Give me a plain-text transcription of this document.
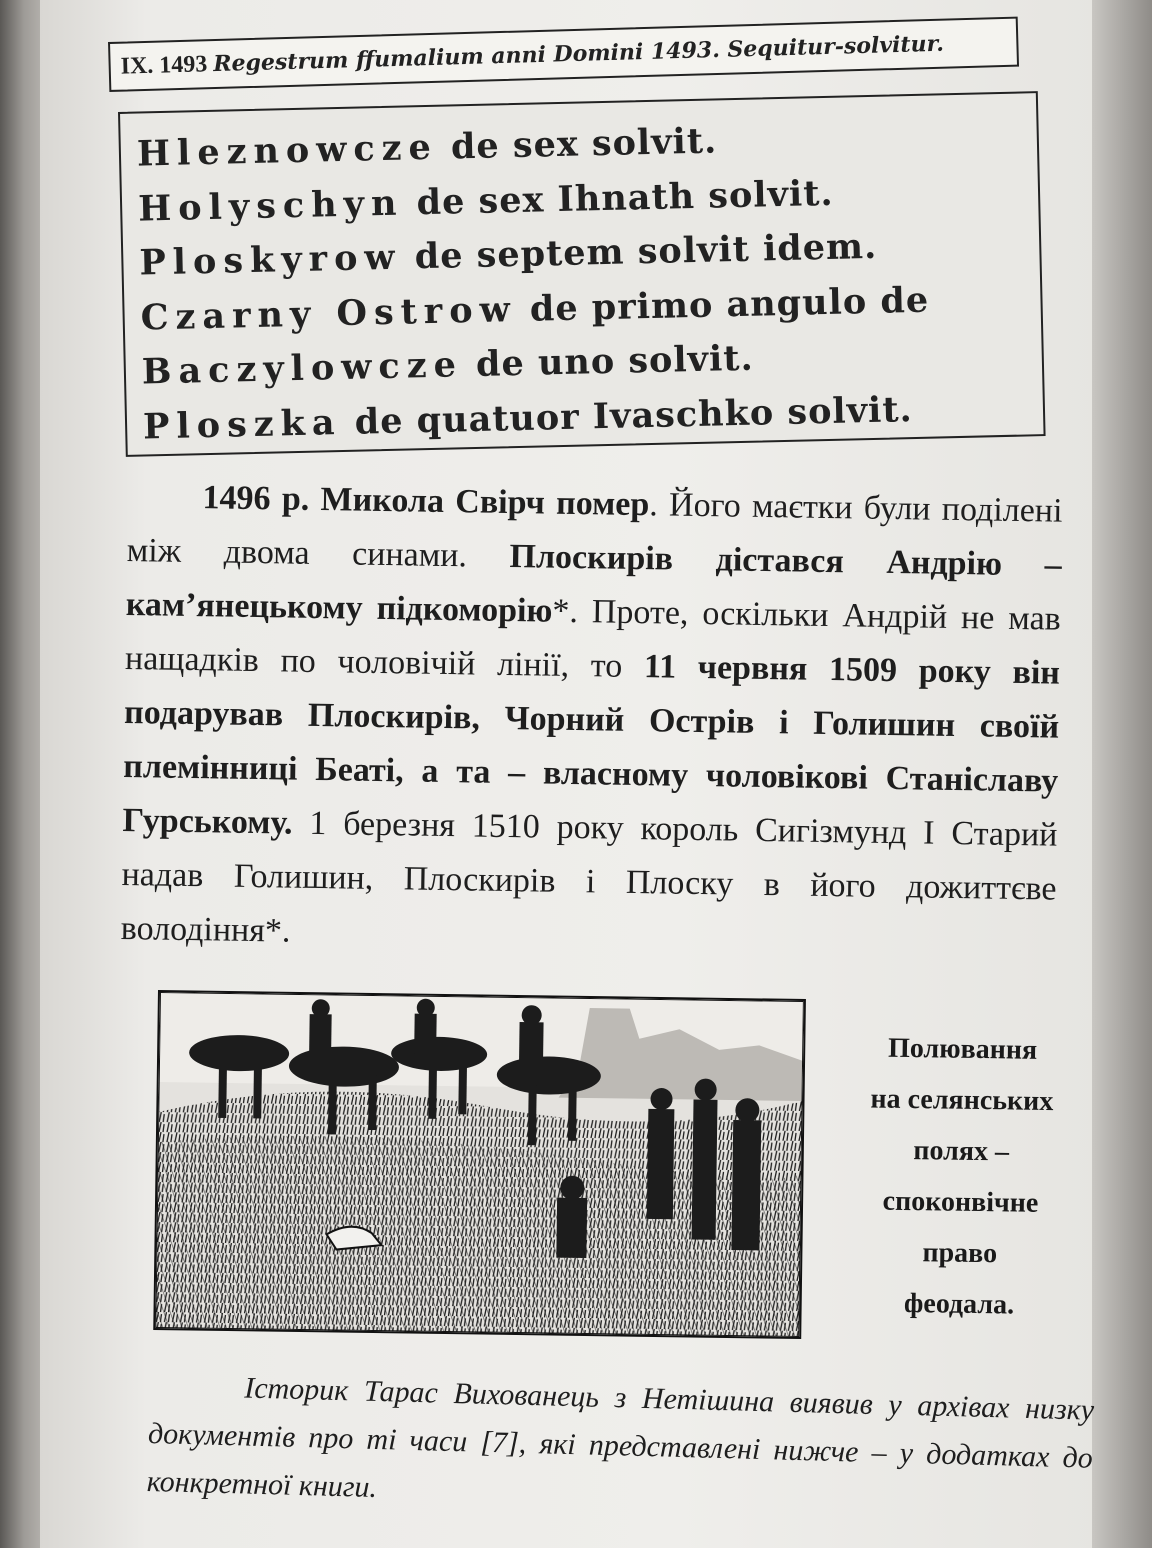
IX. 1493 Regestrum ffumalium anni Domini 1493. Sequitur-solvitur.
Hleznowcze de sex solvit.
Holyschyn de sex Ihnath solvit.
Ploskyrow de septem solvit idem.
Czarny Ostrow de primo angulo de
Baczylowcze de uno solvit.
Ploszka de quatuor Ivaschko solvit.

1496 р. Микола Свірч помер. Його маєтки були поділені між двома синами. Плоскирів дістався Андрію – кам’янецькому підкоморію*. Проте, оскільки Андрій не мав нащадків по чоловічій лінії, то 11 червня 1509 року він подарував Плоскирів, Чорний Острів і Голишин своїй племінниці Беаті, а та – власному чоловікові Станіславу Гурському. 1 березня 1510 року король Сигізмунд І Старий надав Голишин, Плоскирів і Плоску в його дожиттєве володіння*.

Полювання
на селянських
полях –
споконвічне
право
феодала.

Історик Тарас Вихованець з Нетішина виявив у архівах низку документів про ті часи [7], які представлені нижче – у додатках до конкретної книги.
